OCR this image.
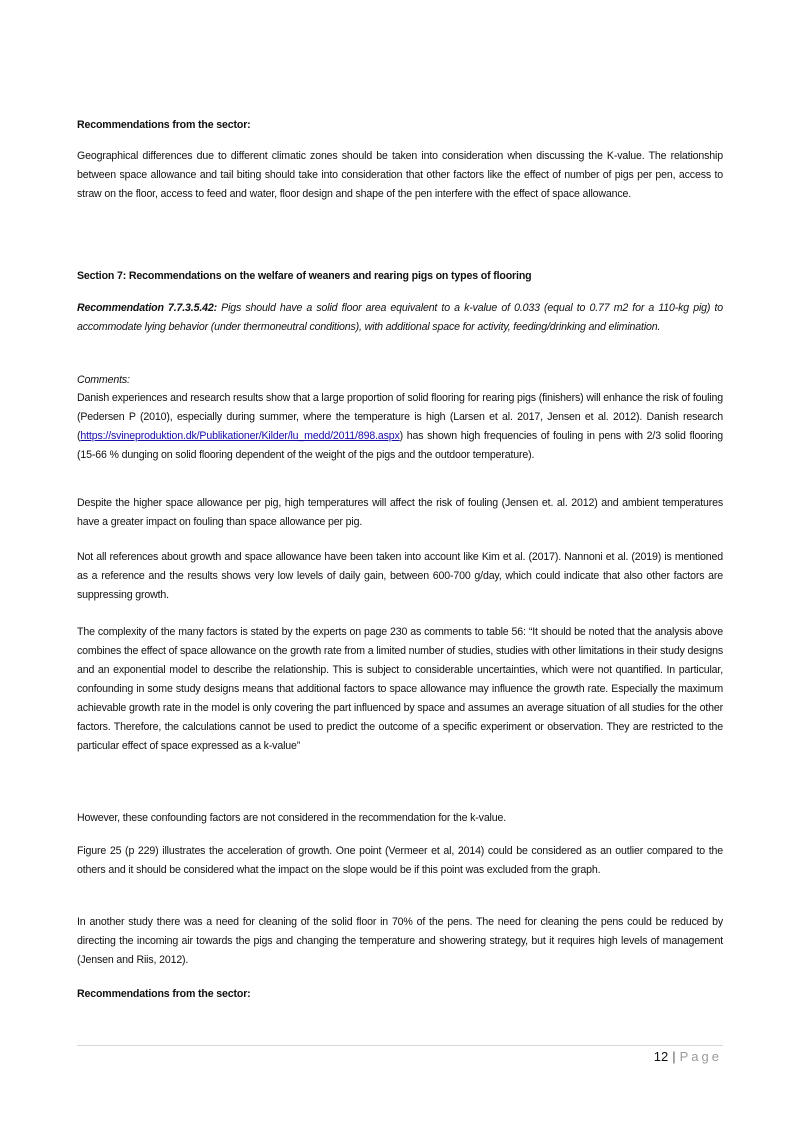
Recommendations from the sector:
Geographical differences due to different climatic zones should be taken into consideration when discussing the K-value. The relationship between space allowance and tail biting should take into consideration that other factors like the effect of number of pigs per pen, access to straw on the floor, access to feed and water, floor design and shape of the pen interfere with the effect of space allowance.
Section 7: Recommendations on the welfare of weaners and rearing pigs on types of flooring
Recommendation 7.7.3.5.42: Pigs should have a solid floor area equivalent to a k-value of 0.033 (equal to 0.77 m2 for a 110-kg pig) to accommodate lying behavior (under thermoneutral conditions), with additional space for activity, feeding/drinking and elimination.
Comments:
Danish experiences and research results show that a large proportion of solid flooring for rearing pigs (finishers) will enhance the risk of fouling (Pedersen P (2010), especially during summer, where the temperature is high (Larsen et al. 2017, Jensen et al. 2012). Danish research (https://svineproduktion.dk/Publikationer/Kilder/lu_medd/2011/898.aspx) has shown high frequencies of fouling in pens with 2/3 solid flooring (15-66 % dunging on solid flooring dependent of the weight of the pigs and the outdoor temperature).
Despite the higher space allowance per pig, high temperatures will affect the risk of fouling (Jensen et. al. 2012) and ambient temperatures have a greater impact on fouling than space allowance per pig.
Not all references about growth and space allowance have been taken into account like Kim et al. (2017). Nannoni et al. (2019) is mentioned as a reference and the results shows very low levels of daily gain, between 600-700 g/day, which could indicate that also other factors are suppressing growth.
The complexity of the many factors is stated by the experts on page 230 as comments to table 56: “It should be noted that the analysis above combines the effect of space allowance on the growth rate from a limited number of studies, studies with other limitations in their study designs and an exponential model to describe the relationship. This is subject to considerable uncertainties, which were not quantified. In particular, confounding in some study designs means that additional factors to space allowance may influence the growth rate. Especially the maximum achievable growth rate in the model is only covering the part influenced by space and assumes an average situation of all studies for the other factors. Therefore, the calculations cannot be used to predict the outcome of a specific experiment or observation. They are restricted to the particular effect of space expressed as a k-value”
However, these confounding factors are not considered in the recommendation for the k-value.
Figure 25 (p 229) illustrates the acceleration of growth. One point (Vermeer et al, 2014) could be considered as an outlier compared to the others and it should be considered what the impact on the slope would be if this point was excluded from the graph.
In another study there was a need for cleaning of the solid floor in 70% of the pens. The need for cleaning the pens could be reduced by directing the incoming air towards the pigs and changing the temperature and showering strategy, but it requires high levels of management (Jensen and Riis, 2012).
Recommendations from the sector:
12 | Page
